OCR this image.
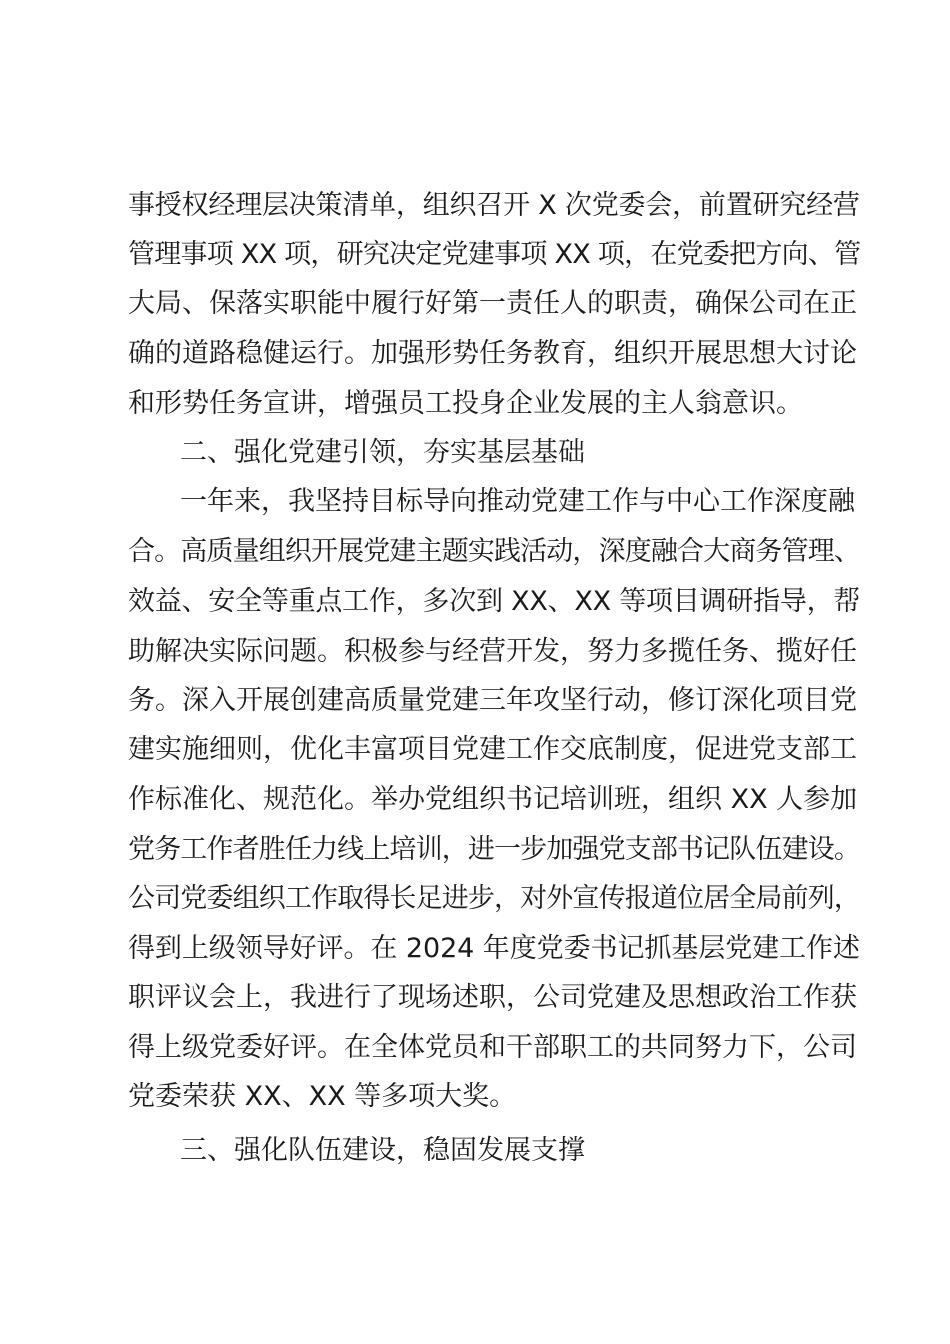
事授权经理层决策清单，组织召开 X 次党委会，前置研究经营
管理事项 XX 项，研究决定党建事项 XX 项，在党委把方向、管
大局、保落实职能中履行好第一责任人的职责，确保公司在正
确的道路稳健运行。加强形势任务教育，组织开展思想大讨论
和形势任务宣讲，增强员工投身企业发展的主人翁意识。
二、强化党建引领，夯实基层基础
一年来，我坚持目标导向推动党建工作与中心工作深度融
合。高质量组织开展党建主题实践活动，深度融合大商务管理、
效益、安全等重点工作，多次到 XX、XX 等项目调研指导，帮
助解决实际问题。积极参与经营开发，努力多揽任务、揽好任
务。深入开展创建高质量党建三年攻坚行动，修订深化项目党
建实施细则，优化丰富项目党建工作交底制度，促进党支部工
作标准化、规范化。举办党组织书记培训班，组织 XX 人参加
党务工作者胜任力线上培训，进一步加强党支部书记队伍建设。
公司党委组织工作取得长足进步，对外宣传报道位居全局前列，
得到上级领导好评。在 2024 年度党委书记抓基层党建工作述
职评议会上，我进行了现场述职，公司党建及思想政治工作获
得上级党委好评。在全体党员和干部职工的共同努力下，公司
党委荣获 XX、XX 等多项大奖。
三、强化队伍建设，稳固发展支撑
